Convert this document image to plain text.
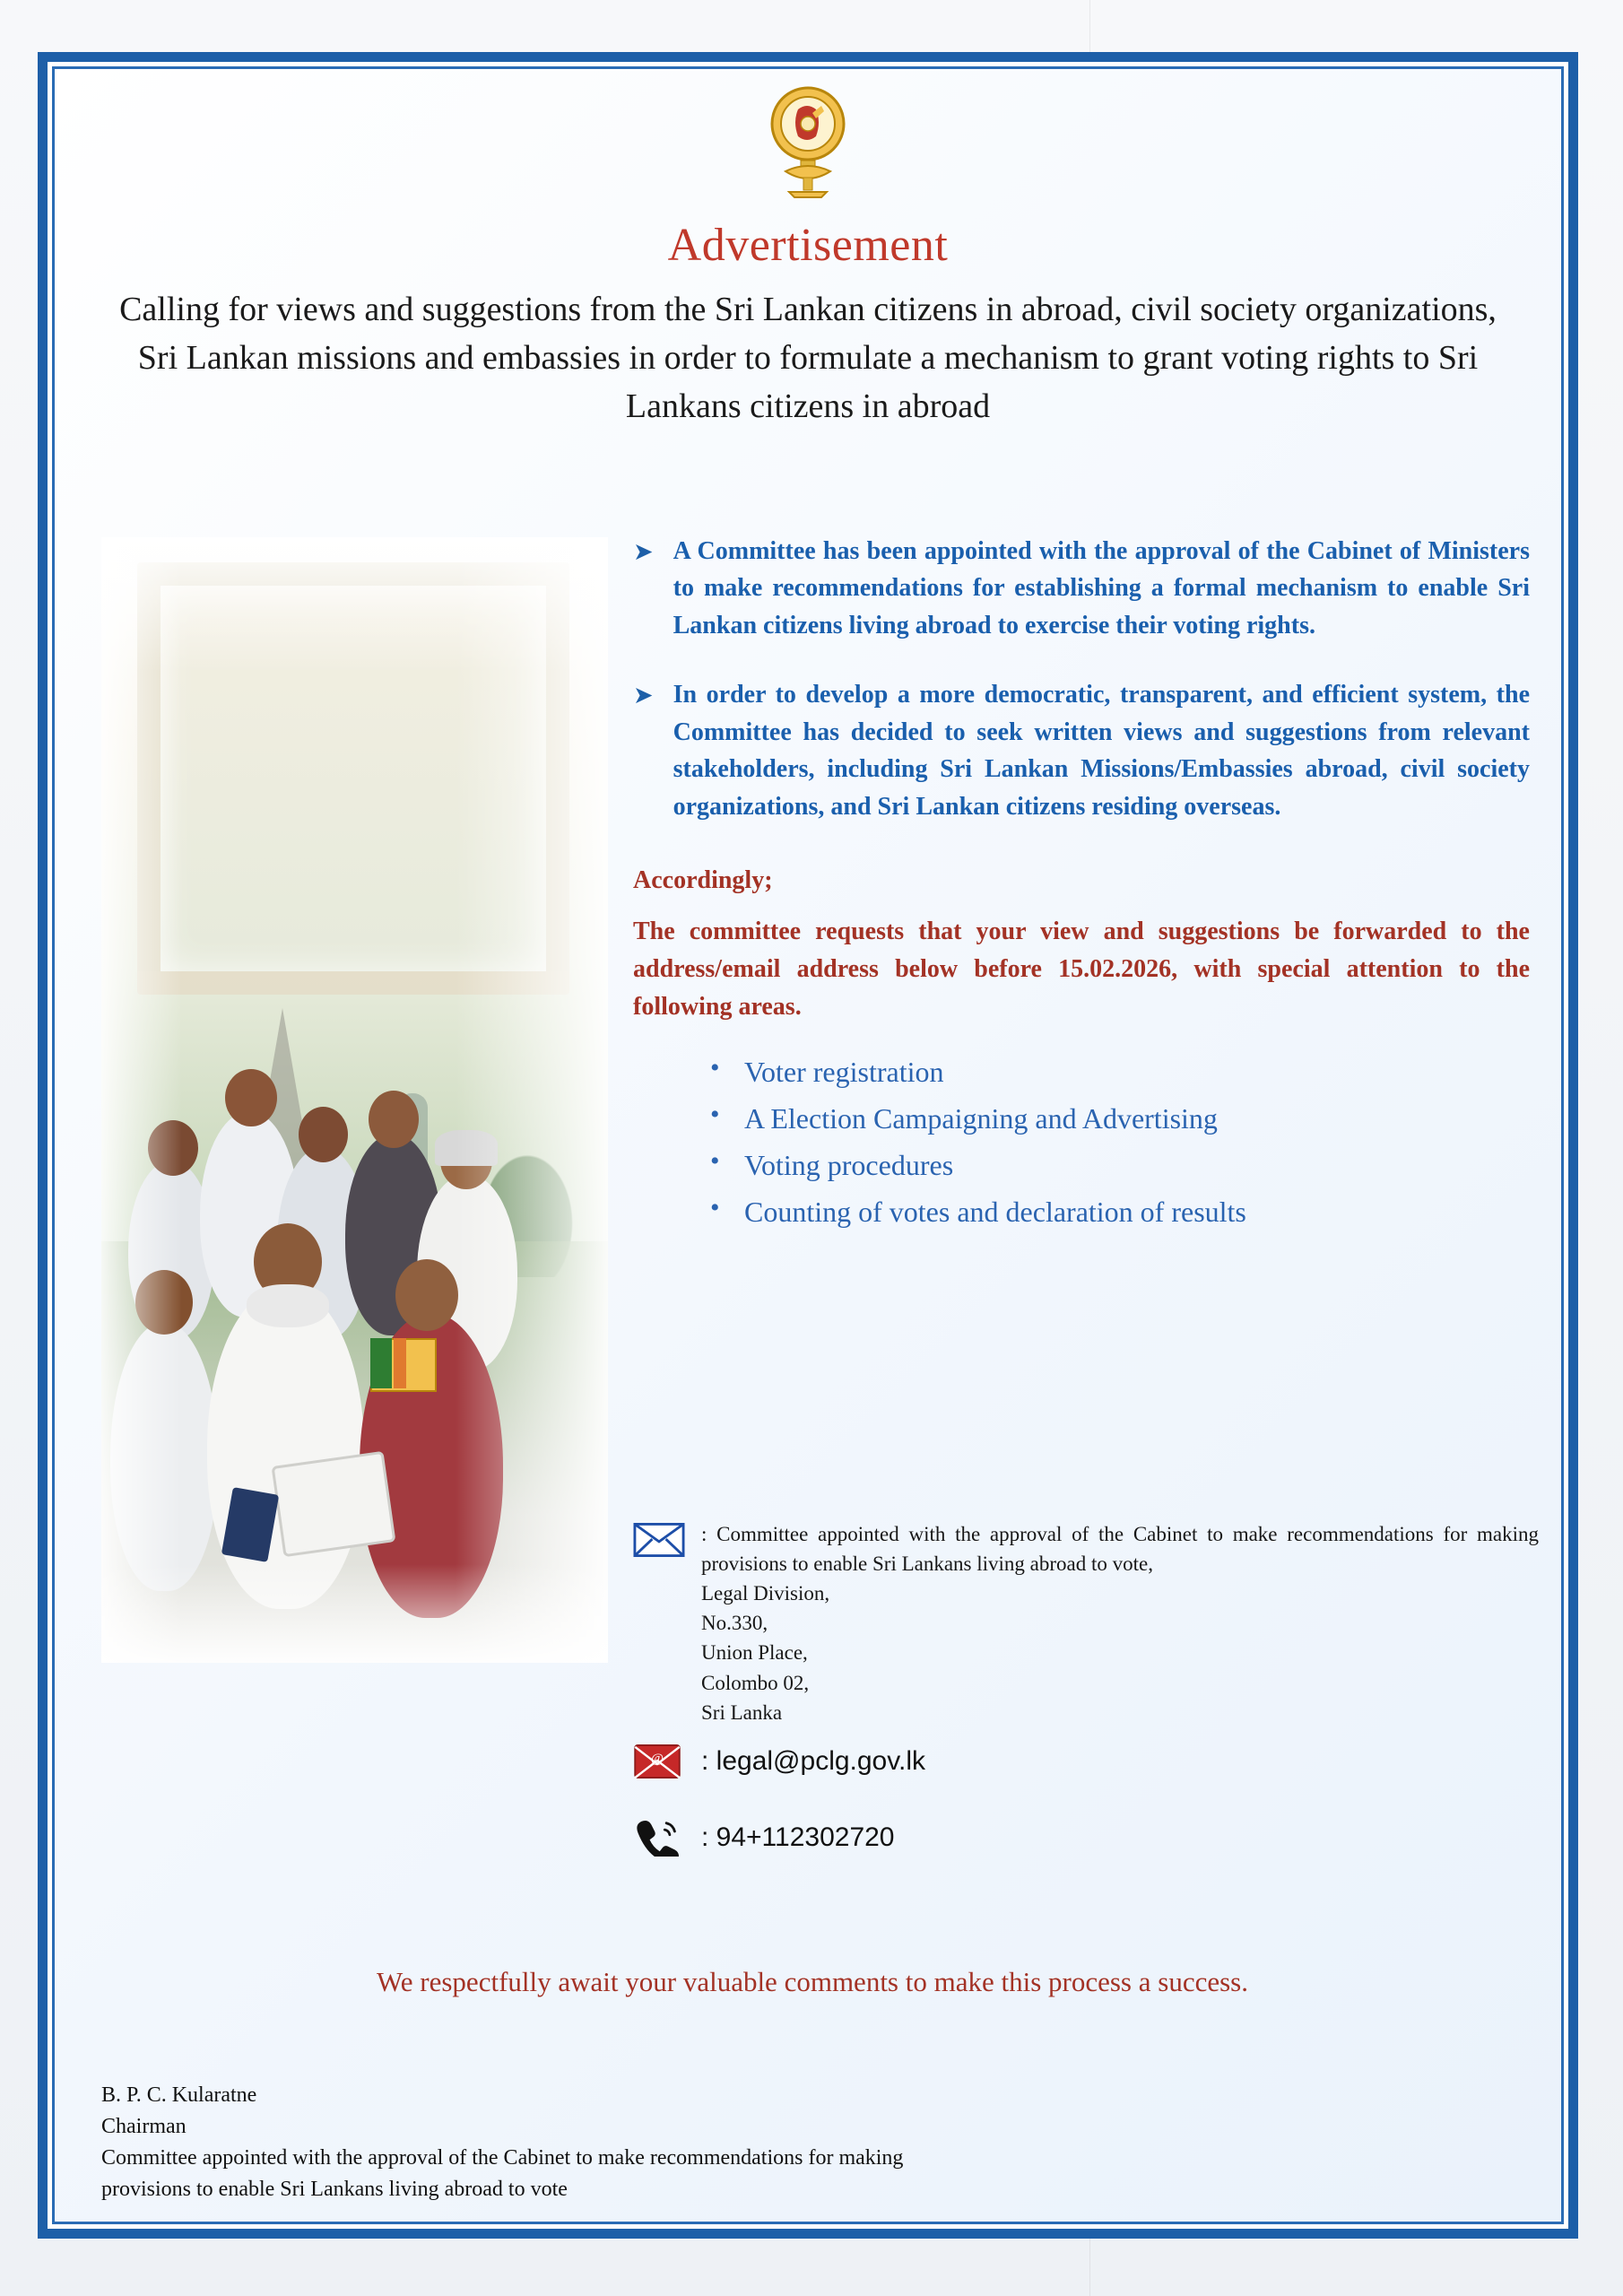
Advertisement
Calling for views and suggestions from the Sri Lankan citizens in abroad, civil society organizations, Sri Lankan missions and embassies in order to formulate a mechanism to grant voting rights to Sri Lankans citizens in abroad
➤ A Committee has been appointed with the approval of the Cabinet of Ministers to make recommendations for establishing a formal mechanism to enable Sri Lankan citizens living abroad to exercise their voting rights.
➤ In order to develop a more democratic, transparent, and efficient system, the Committee has decided to seek written views and suggestions from relevant stakeholders, including Sri Lankan Missions/Embassies abroad, civil society organizations, and Sri Lankan citizens residing overseas.
Accordingly;
The committee requests that your view and suggestions be forwarded to the address/email address below before 15.02.2026, with special attention to the following areas.
• Voter registration
• A Election Campaigning and Advertising
• Voting procedures
• Counting of votes and declaration of results
: Committee appointed with the approval of the Cabinet to make recommendations for making provisions to enable Sri Lankans living abroad to vote,
Legal Division,
No.330,
Union Place,
Colombo 02,
Sri Lanka
@ : legal@pclg.gov.lk
: 94+112302720
We respectfully await your valuable comments to make this process a success.
B. P. C. Kularatne
Chairman
Committee appointed with the approval of the Cabinet to make recommendations for making provisions to enable Sri Lankans living abroad to vote
